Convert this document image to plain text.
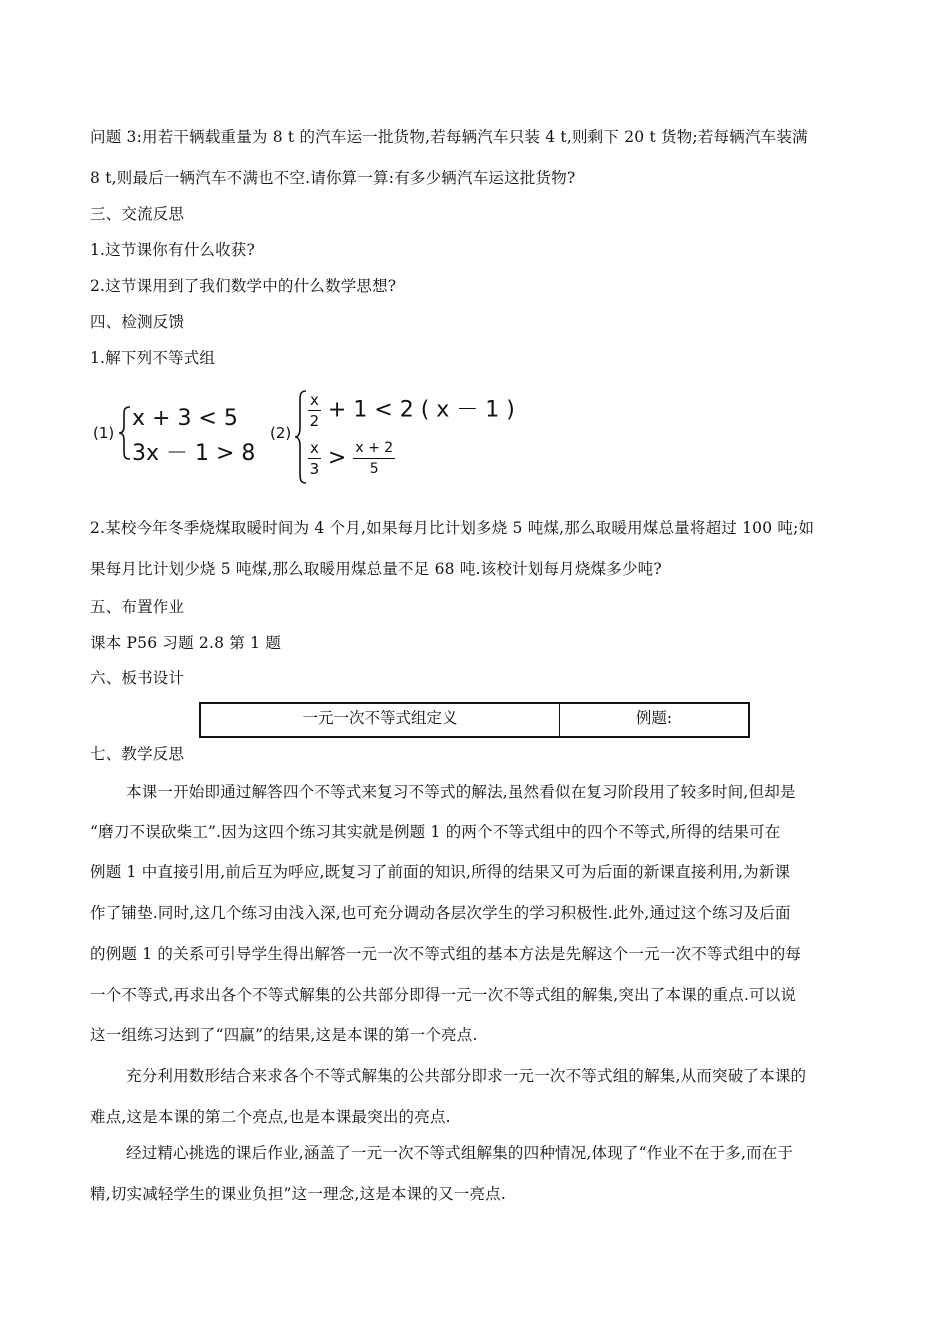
问题 3:用若干辆载重量为 8 t 的汽车运一批货物,若每辆汽车只装 4 t,则剩下 20 t 货物;若每辆汽车装满

8 t,则最后一辆汽车不满也不空.请你算一算:有多少辆汽车运这批货物?

三、交流反思

1.这节课你有什么收获?

2.这节课用到了我们数学中的什么数学思想?

四、检测反馈

1.解下列不等式组

(1)
x + 3 < 5
3x － 1 > 8
(2)
$\frac{x}{2} + 1 < 2$ ( x － 1 )
$\frac{x}{3} > \frac{x + 2}{5}$

2.某校今年冬季烧煤取暖时间为 4 个月,如果每月比计划多烧 5 吨煤,那么取暖用煤总量将超过 100 吨;如

果每月比计划少烧 5 吨煤,那么取暖用煤总量不足 68 吨.该校计划每月烧煤多少吨?

五、布置作业

课本 P56 习题 2.8 第 1 题

六、板书设计

一元一次不等式组定义	例题:

七、教学反思

本课一开始即通过解答四个不等式来复习不等式的解法,虽然看似在复习阶段用了较多时间,但却是

“磨刀不误砍柴工”.因为这四个练习其实就是例题 1 的两个不等式组中的四个不等式,所得的结果可在

例题 1 中直接引用,前后互为呼应,既复习了前面的知识,所得的结果又可为后面的新课直接利用,为新课

作了铺垫.同时,这几个练习由浅入深,也可充分调动各层次学生的学习积极性.此外,通过这个练习及后面

的例题 1 的关系可引导学生得出解答一元一次不等式组的基本方法是先解这个一元一次不等式组中的每

一个不等式,再求出各个不等式解集的公共部分即得一元一次不等式组的解集,突出了本课的重点.可以说

这一组练习达到了“四赢”的结果,这是本课的第一个亮点.

充分利用数形结合来求各个不等式解集的公共部分即求一元一次不等式组的解集,从而突破了本课的

难点,这是本课的第二个亮点,也是本课最突出的亮点.

经过精心挑选的课后作业,涵盖了一元一次不等式组解集的四种情况,体现了“作业不在于多,而在于

精,切实减轻学生的课业负担”这一理念,这是本课的又一亮点.
